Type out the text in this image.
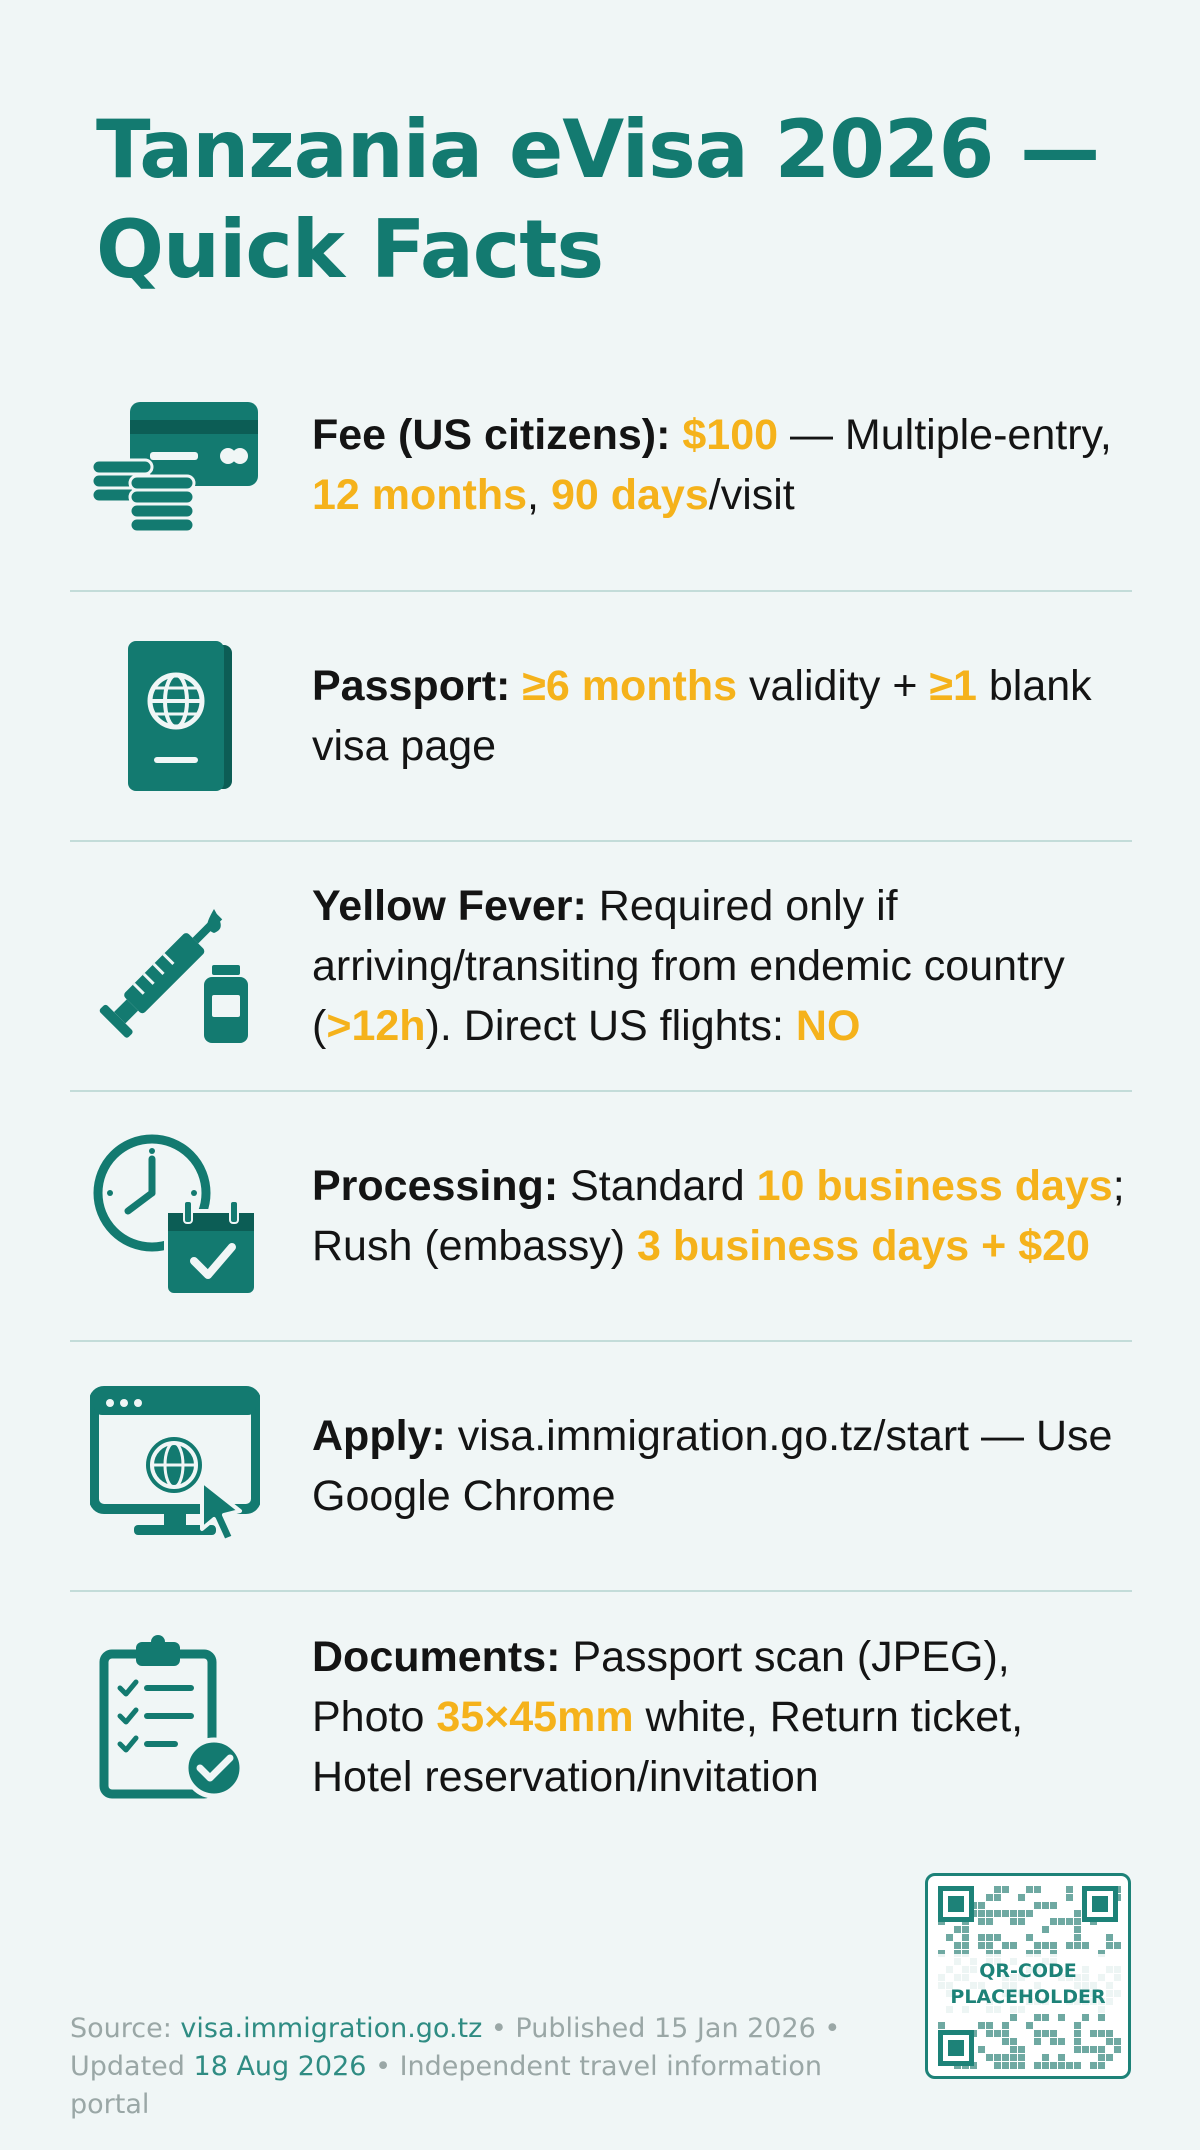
Tanzania eVisa 2026 — Quick Facts
Fee (US citizens): $100 — Multiple-entry, 12 months, 90 days/visit
Passport: ≥6 months validity + ≥1 blank visa page
Yellow Fever: Required only if arriving/transiting from endemic country (>12h). Direct US flights: NO
Processing: Standard 10 business days; Rush (embassy) 3 business days + $20
Apply: visa.immigration.go.tz/start — Use Google Chrome
Documents: Passport scan (JPEG), Photo 35×45mm white, Return ticket, Hotel reservation/invitation
Source: visa.immigration.go.tz • Published 15 Jan 2026 •
Updated 18 Aug 2026 • Independent travel information portal
QR-CODE
PLACEHOLDER
